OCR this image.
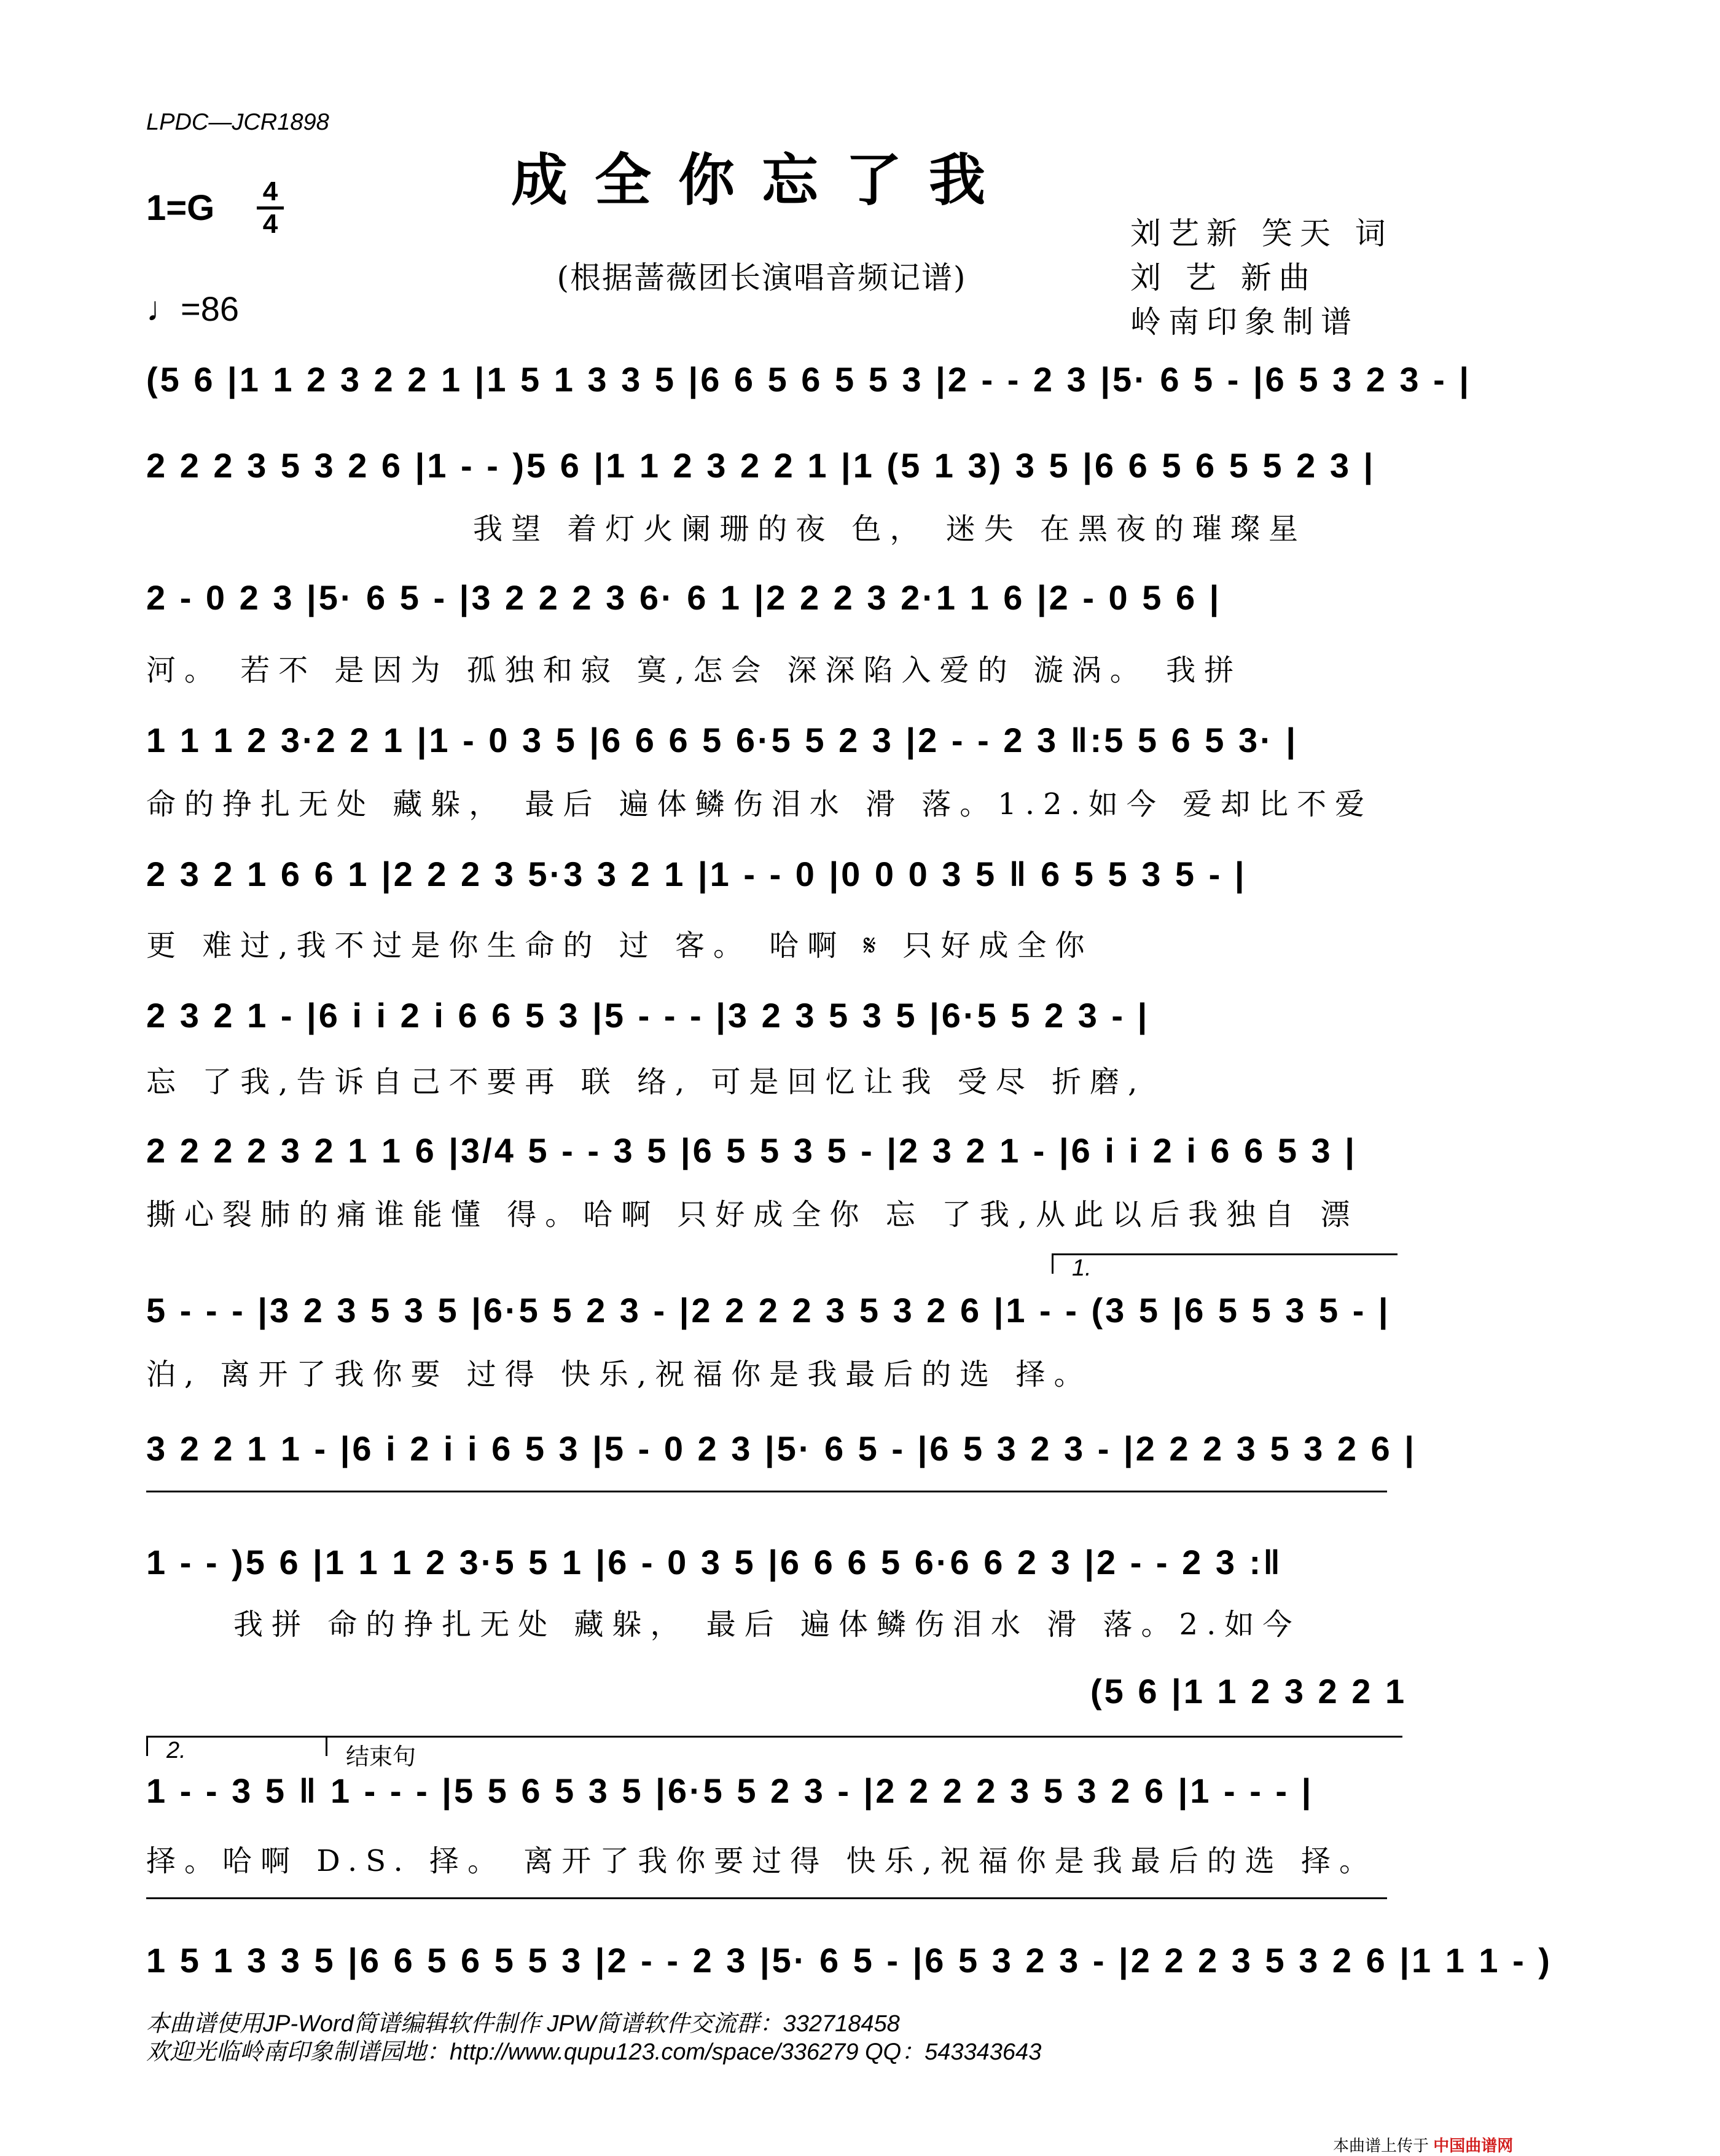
LPDC—JCR1898
成全你忘了我
1=G 4
4
♩=86
(根据蔷薇团长演唱音频记谱)
刘艺新 笑天 词
刘 艺 新曲
岭南印象制谱
(5 6 |1 1 2 3 2 2 1 |1 5 1 3 3 5 |6 6 5 6 5 5 3 |2 - - 2 3 |5· 6 5 - |6 5 3 2 3 - |
2 2 2 3 5 3 2 6 |1 - - )5 6 |1 1 2 3 2 2 1 |1 (5 1 3) 3 5 |6 6 5 6 5 5 2 3 |
我望 着灯火阑珊的夜 色， 迷失 在黑夜的璀璨星
2 - 0 2 3 |5· 6 5 - |3 2 2 2 3 6· 6 1 |2 2 2 3 2·1 1 6 |2 - 0 5 6 |
河。 若不 是因为 孤独和寂 寞,怎会 深深陷入爱的 漩涡。 我拼
1 1 1 2 3·2 2 1 |1 - 0 3 5 |6 6 6 5 6·5 5 2 3 |2 - - 2 3 ‖:5 5 6 5 3· |
命的挣扎无处 藏躲， 最后 遍体鳞伤泪水 滑 落。1.2.如今 爱却比不爱
2 3 2 1 6 6 1 |2 2 2 3 5·3 3 2 1 |1 - - 0 |0 0 0 3 5 ‖ 6 5 5 3 5 - |
更 难过,我不过是你生命的 过 客。 哈啊 𝄋 只好成全你
2 3 2 1 - |6 i i 2 i 6 6 5 3 |5 - - - |3 2 3 5 3 5 |6·5 5 2 3 - |
忘 了我,告诉自己不要再 联 络, 可是回忆让我 受尽 折磨,
2 2 2 2 3 2 1 1 6 |3/4 5 - - 3 5 |6 5 5 3 5 - |2 3 2 1 - |6 i i 2 i 6 6 5 3 |
撕心裂肺的痛谁能懂 得。哈啊 只好成全你 忘 了我,从此以后我独自 漂
1.
5 - - - |3 2 3 5 3 5 |6·5 5 2 3 - |2 2 2 2 3 5 3 2 6 |1 - - (3 5 |6 5 5 3 5 - |
泊, 离开了我你要 过得 快乐,祝福你是我最后的选 择。
3 2 2 1 1 - |6 i 2 i i 6 5 3 |5 - 0 2 3 |5· 6 5 - |6 5 3 2 3 - |2 2 2 3 5 3 2 6 |
1 - - )5 6 |1 1 1 2 3·5 5 1 |6 - 0 3 5 |6 6 6 5 6·6 6 2 3 |2 - - 2 3 :‖
我拼 命的挣扎无处 藏躲， 最后 遍体鳞伤泪水 滑 落。2.如今
(5 6 |1 1 2 3 2 2 1
2.	结束句
1 - - 3 5 ‖ 1 - - - |5 5 6 5 3 5 |6·5 5 2 3 - |2 2 2 2 3 5 3 2 6 |1 - - - |
择。哈啊 D.S. 择。 离开了我你要过得 快乐,祝福你是我最后的选 择。
1 5 1 3 3 5 |6 6 5 6 5 5 3 |2 - - 2 3 |5· 6 5 - |6 5 3 2 3 - |2 2 2 3 5 3 2 6 |1 1 1 - )
本曲谱使用JP-Word简谱编辑软件制作 JPW简谱软件交流群：332718458
欢迎光临岭南印象制谱园地：http://www.qupu123.com/space/336279 QQ：543343643
本曲谱上传于 中国曲谱网
